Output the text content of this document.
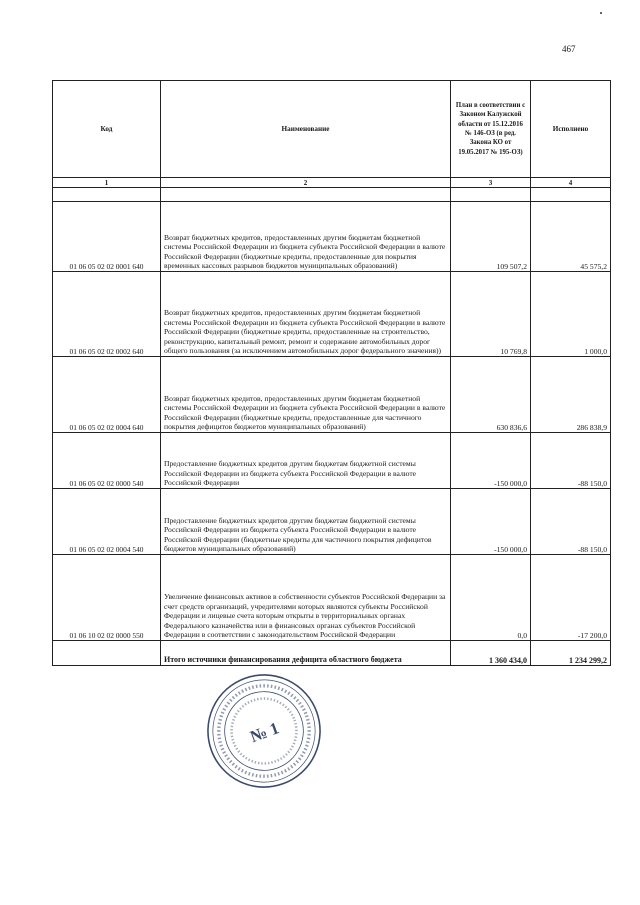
467
Код	Наименование	План в соответствии с Законом Калужской области от 15.12.2016 № 146-ОЗ (в ред. Закона КО от 19.05.2017 № 195-ОЗ)	Исполнено
1	2	3	4

01 06 05 02 02 0001 640	Возврат бюджетных кредитов, предоставленных другим бюджетам бюджетной системы Российской Федерации из бюджета субъекта Российской Федерации в валюте Российской Федерации (бюджетные кредиты, предоставленные для покрытия временных кассовых разрывов бюджетов муниципальных образований)	109 507,2	45 575,2
01 06 05 02 02 0002 640	Возврат бюджетных кредитов, предоставленных другим бюджетам бюджетной системы Российской Федерации из бюджета субъекта Российской Федерации в валюте Российской Федерации (бюджетные кредиты, предоставленные на строительство, реконструкцию, капитальный ремонт, ремонт и содержание автомобильных дорог общего пользования (за исключением автомобильных дорог федерального значения))	10 769,8	1 000,0
01 06 05 02 02 0004 640	Возврат бюджетных кредитов, предоставленных другим бюджетам бюджетной системы Российской Федерации из бюджета субъекта Российской Федерации в валюте Российской Федерации (бюджетные кредиты, предоставленные для частичного покрытия дефицитов бюджетов муниципальных образований)	630 836,6	286 838,9
01 06 05 02 02 0000 540	Предоставление бюджетных кредитов другим бюджетам бюджетной системы Российской Федерации из бюджета субъекта Российской Федерации в валюте Российской Федерации	-150 000,0	-88 150,0
01 06 05 02 02 0004 540	Предоставление бюджетных кредитов другим бюджетам бюджетной системы Российской Федерации из бюджета субъекта Российской Федерации в валюте Российской Федерации (бюджетные кредиты для частичного покрытия дефицитов бюджетов муниципальных образований)	-150 000,0	-88 150,0
01 06 10 02 02 0000 550	Увеличение финансовых активов в собственности субъектов Российской Федерации за счет средств организаций, учредителями которых являются субъекты Российской Федерации и лицевые счета которым открыты в территориальных органах Федерального казначейства или в финансовых органах субъектов Российской Федерации в соответствии с законодательством Российской Федерации	0,0	-17 200,0
	Итого источники финансирования дефицита областного бюджета	1 360 434,0	1 234 299,2
№ 1
